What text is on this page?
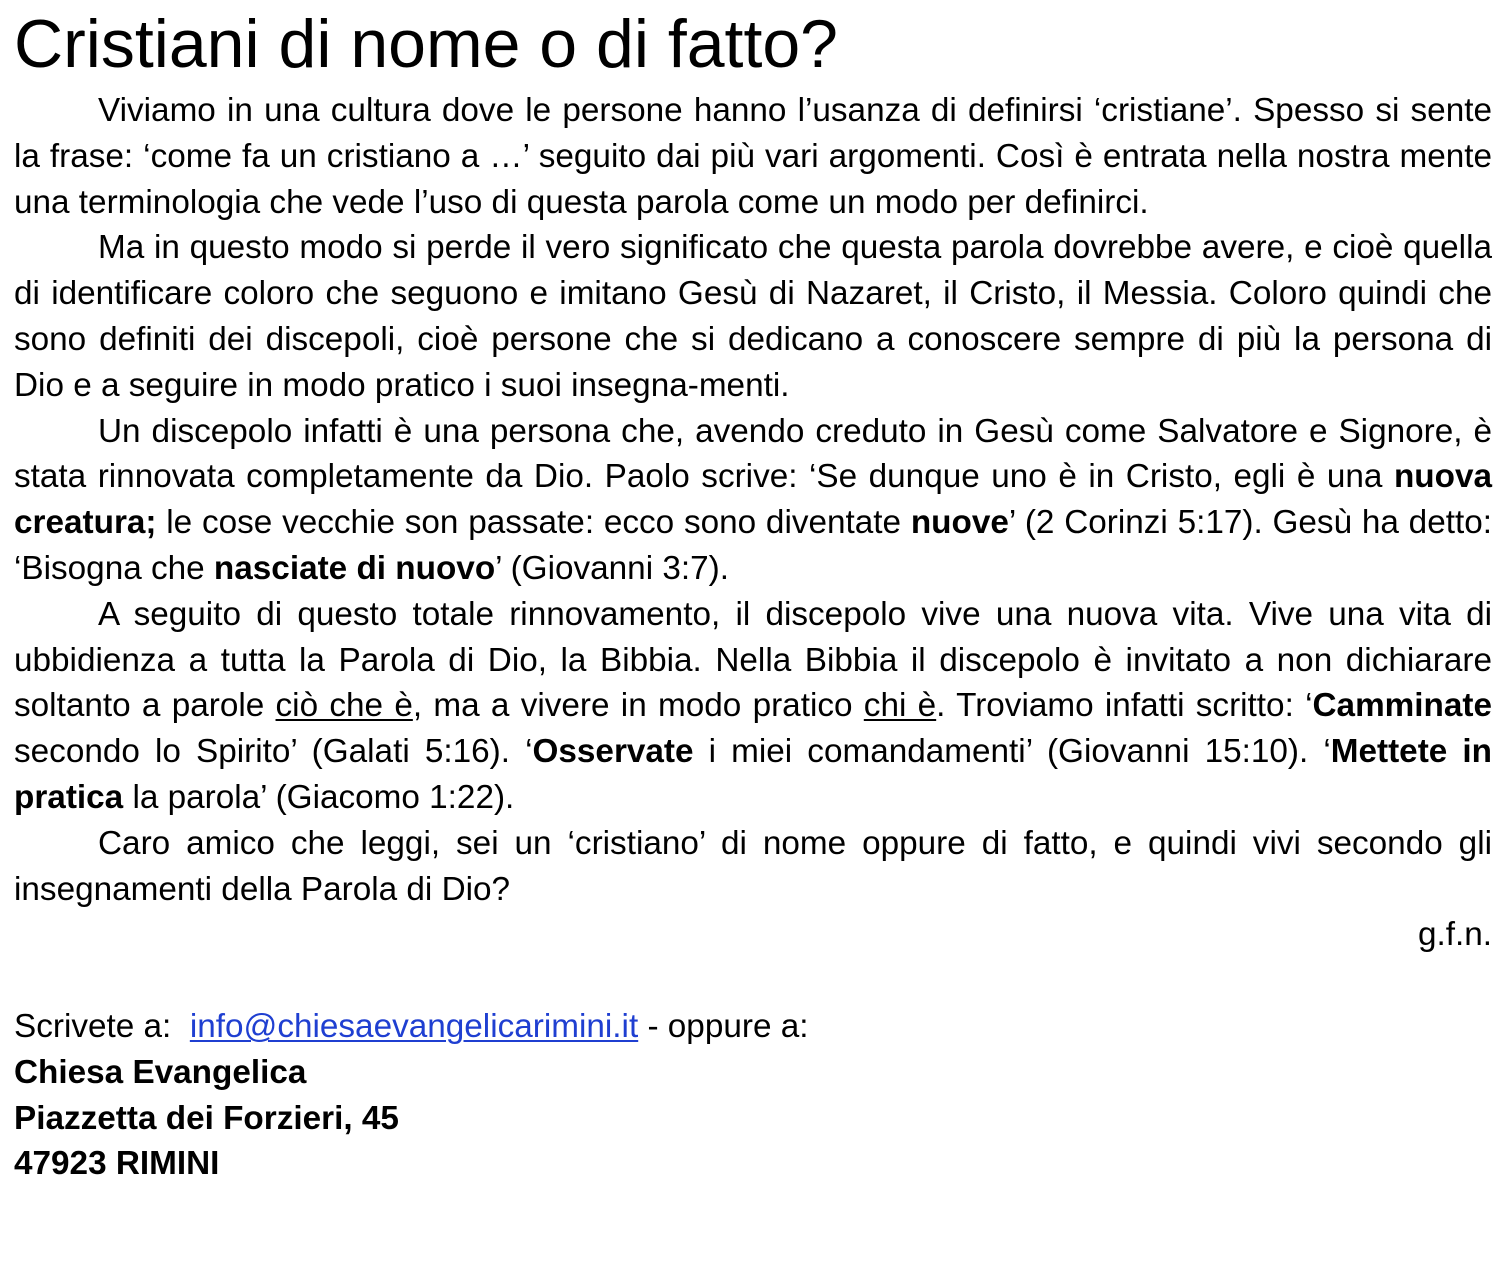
Cristiani di nome o di fatto?

Viviamo in una cultura dove le persone hanno l’usanza di definirsi ‘cristiane’. Spesso si sente la frase: ‘come fa un cristiano a …’ seguito dai più vari argomenti. Così è entrata nella nostra mente una terminologia che vede l’uso di questa parola come un modo per definirci.

Ma in questo modo si perde il vero significato che questa parola dovrebbe avere, e cioè quella di identificare coloro che seguono e imitano Gesù di Nazaret, il Cristo, il Messia. Coloro quindi che sono definiti dei discepoli, cioè persone che si dedicano a conoscere sempre di più la persona di Dio e a seguire in modo pratico i suoi insegna-menti.

Un discepolo infatti è una persona che, avendo creduto in Gesù come Salvatore e Signore, è stata rinnovata completamente da Dio. Paolo scrive: ‘Se dunque uno è in Cristo, egli è una nuova creatura; le cose vecchie son passate: ecco sono diventate nuove’ (2 Corinzi 5:17). Gesù ha detto: ‘Bisogna che nasciate di nuovo’ (Giovanni 3:7).

A seguito di questo totale rinnovamento, il discepolo vive una nuova vita. Vive una vita di ubbidienza a tutta la Parola di Dio, la Bibbia. Nella Bibbia il discepolo è invitato a non dichiarare soltanto a parole ciò che è, ma a vivere in modo pratico chi è. Troviamo infatti scritto: ‘Camminate secondo lo Spirito’ (Galati 5:16). ‘Osservate i miei comandamenti’ (Giovanni 15:10). ‘Mettete in pratica la parola’ (Giacomo 1:22).

Caro amico che leggi, sei un ‘cristiano’ di nome oppure di fatto, e quindi vivi secondo gli insegnamenti della Parola di Dio?

g.f.n.

Scrivete a: info@chiesaevangelicarimini.it - oppure a:

Chiesa Evangelica

Piazzetta dei Forzieri, 45

47923 RIMINI
